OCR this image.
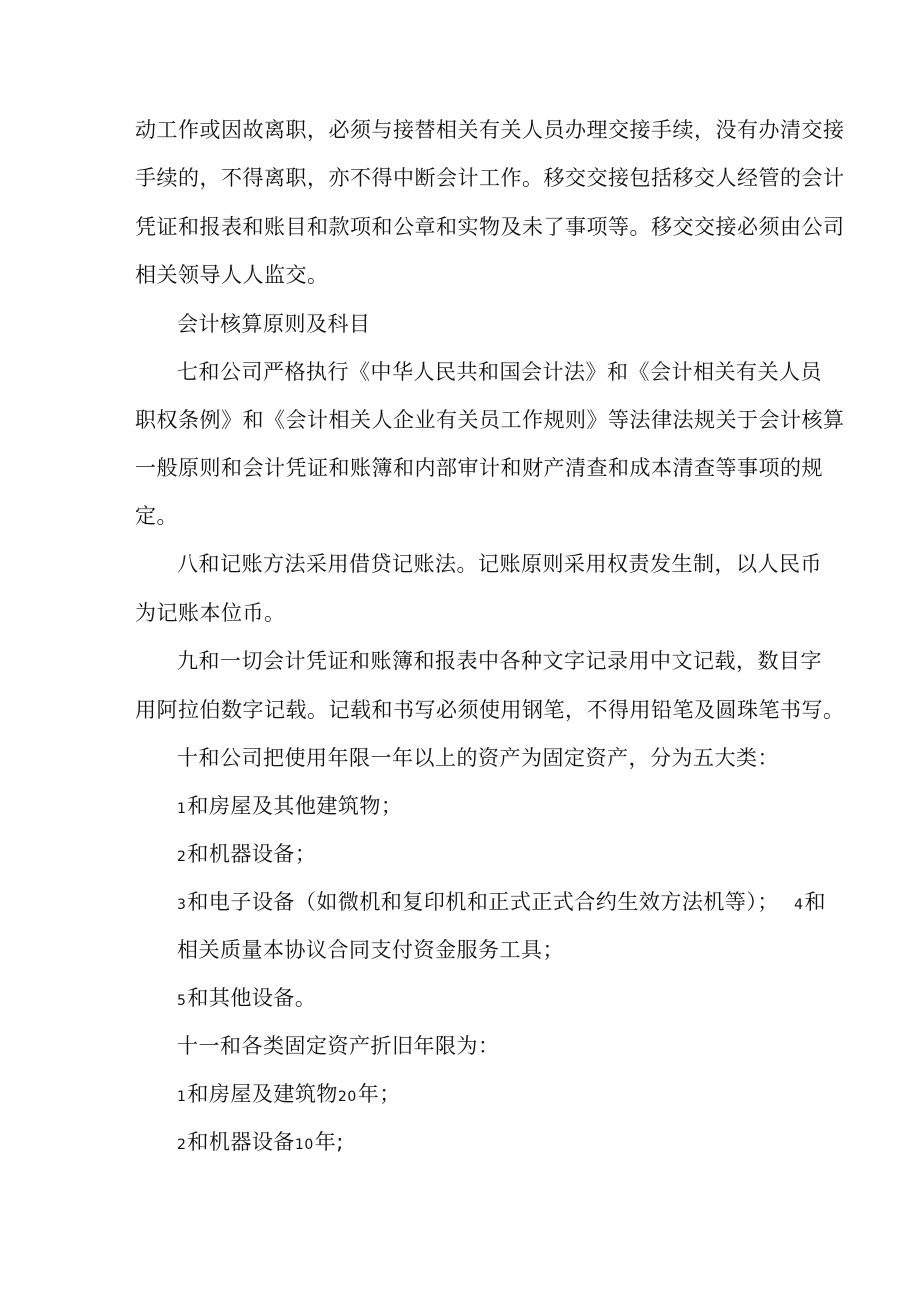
动工作或因故离职，必须与接替相关有关人员办理交接手续，没有办清交接
手续的，不得离职，亦不得中断会计工作。移交交接包括移交人经管的会计
凭证和报表和账目和款项和公章和实物及未了事项等。移交交接必须由公司
相关领导人人监交。
会计核算原则及科目
七和公司严格执行《中华人民共和国会计法》和《会计相关有关人员
职权条例》和《会计相关人企业有关员工作规则》等法律法规关于会计核算
一般原则和会计凭证和账簿和内部审计和财产清查和成本清查等事项的规
定。
八和记账方法采用借贷记账法。记账原则采用权责发生制，以人民币
为记账本位币。
九和一切会计凭证和账簿和报表中各种文字记录用中文记载，数目字
用阿拉伯数字记载。记载和书写必须使用钢笔，不得用铅笔及圆珠笔书写。
十和公司把使用年限一年以上的资产为固定资产，分为五大类：
1和房屋及其他建筑物；
2和机器设备；
3和电子设备（如微机和复印机和正式正式合约生效方法机等）； 4和
相关质量本协议合同支付资金服务工具；
5和其他设备。
十一和各类固定资产折旧年限为：
1和房屋及建筑物20年；
2和机器设备10年;
